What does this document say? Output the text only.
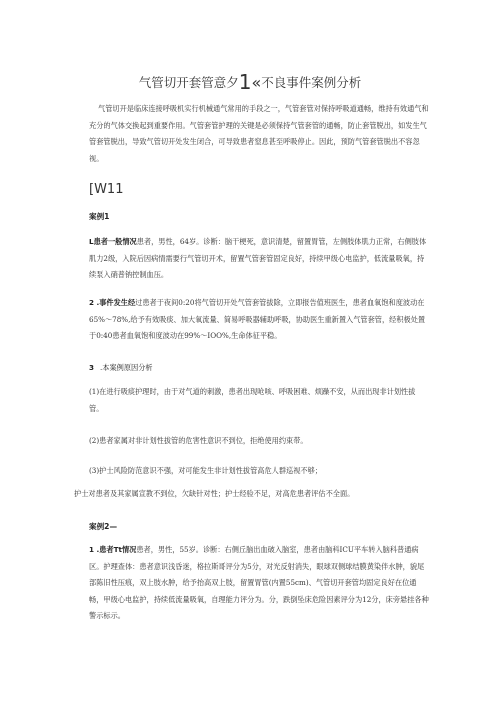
气管切开套管意夕1«不良事件案例分析
气管切开是临床连接呼吸机实行机械通气常用的手段之一，气管套管对保持呼吸道通畅，维持有效通气和充分的气体交换起到重要作用。气管套管护理的关键是必须保持气管套管的通畅，防止套管脱出，如发生气管套管脱出，导致气管切开处发生闭合，可导致患者窒息甚至呼吸停止。因此，预防气管套管脱出不容忽视。
[W11
案例1
L患者一般情况患者，男性，64岁。诊断：脑干梗死，意识清楚，留置胃管，左侧肢体肌力正常，右侧肢体肌力2级，入院后因病情需要行气管切开术，留置气管套管固定良好，持续甲级心电监护，低流量吸氧，持续泵入硝普钠控制血压。
2 .事件发生经过患者于夜间0:20将气管切开处气管套管拔除，立即报告值班医生，患者血氧饱和度波动在65%～78%,给予有效吸痰、加大氧流量、简易呼吸器辅助呼吸，协助医生重新置入气管套管，经积极处置于0:40患者血氧饱和度波动在99%～IOO%,生命体征平稳。
3 .本案例原因分析
(1)在进行吸痰护理时，由于对气道的刺激，患者出现呛咳、呼吸困难、烦躁不安，从而出现非计划性拔管。
(2)患者家属对非计划性拔管的危害性意识不到位，拒绝使用约束带。
(3)护士风险防范意识不强，对可能发生非计划性拔管高危人群巡视不够；
护士对患者及其家属宣教不到位，欠缺针对性；护士经验不足，对高危患者评估不全面。
案例2—
1 .患者Tt情况患者，男性，55岁。诊断：右侧丘脑出血破入脑室，患者由脑科ICU平车转入脑科普通病区。护理查体：患者意识浅昏迷，格拉斯哥评分为5分，对光反射消失，眼球双侧球结膜黄染伴水肿，貌尾部陈旧性压痕，双上肢水肿，给予抬高双上肢，留置胃管(内置55cm)、气管切开套管均固定良好在位通畅，甲级心电监护，持续低流量吸氧，自理能力评分为。分，跌倒坠床危险因素评分为12分，床旁悬挂各种警示标示。
